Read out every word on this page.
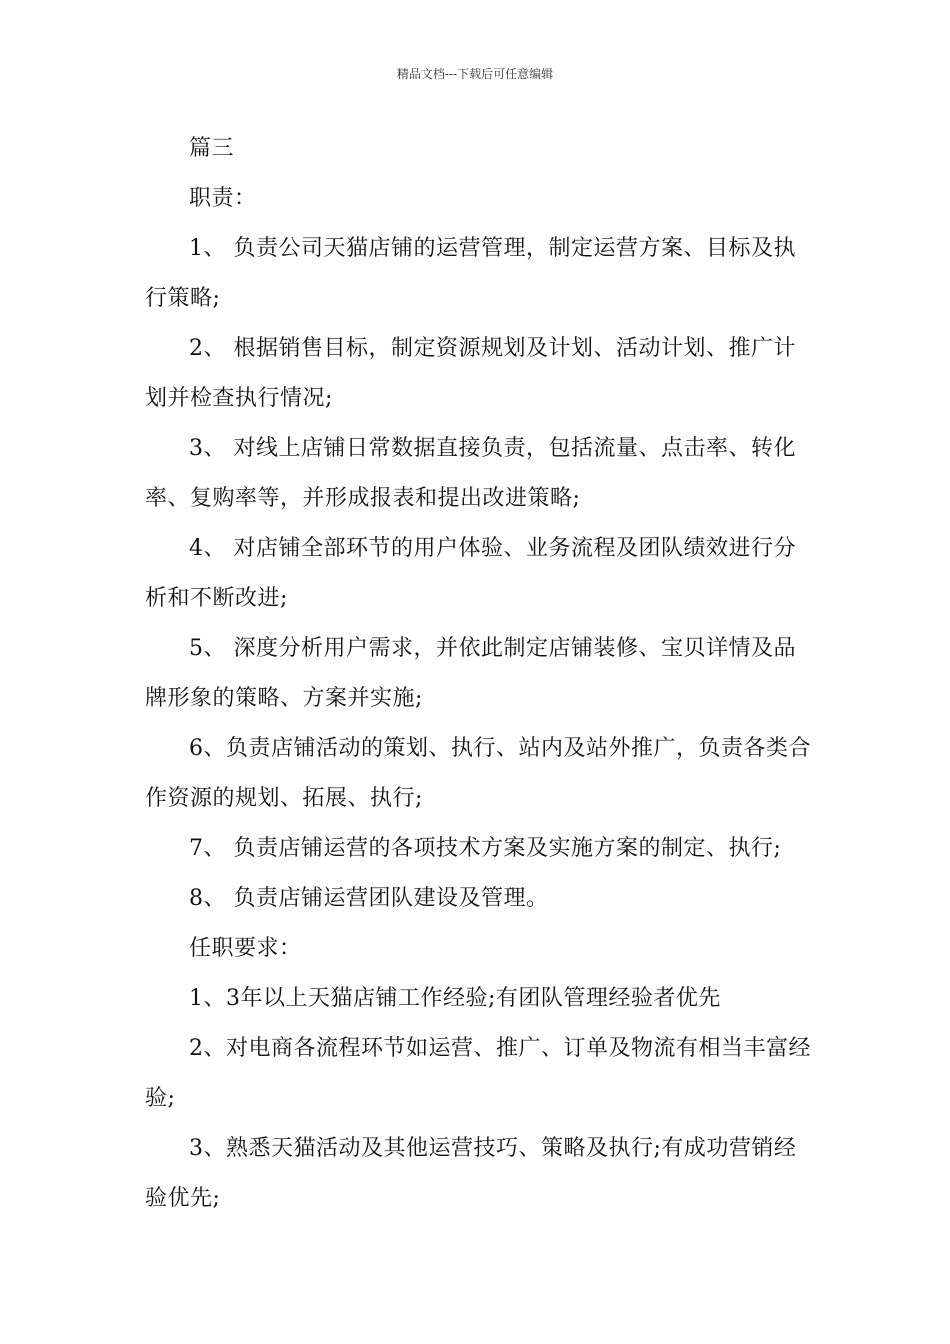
精品文档---下载后可任意编辑
篇三
职责：
1、 负责公司天猫店铺的运营管理，制定运营方案、目标及执
行策略;
2、 根据销售目标，制定资源规划及计划、活动计划、推广计
划并检查执行情况;
3、 对线上店铺日常数据直接负责，包括流量、点击率、转化
率、复购率等，并形成报表和提出改进策略;
4、 对店铺全部环节的用户体验、业务流程及团队绩效进行分
析和不断改进;
5、 深度分析用户需求，并依此制定店铺装修、宝贝详情及品
牌形象的策略、方案并实施;
6、负责店铺活动的策划、执行、站内及站外推广，负责各类合
作资源的规划、拓展、执行;
7、 负责店铺运营的各项技术方案及实施方案的制定、执行;
8、 负责店铺运营团队建设及管理。
任职要求：
1、3年以上天猫店铺工作经验;有团队管理经验者优先
2、对电商各流程环节如运营、推广、订单及物流有相当丰富经
验;
3、熟悉天猫活动及其他运营技巧、策略及执行;有成功营销经
验优先;
